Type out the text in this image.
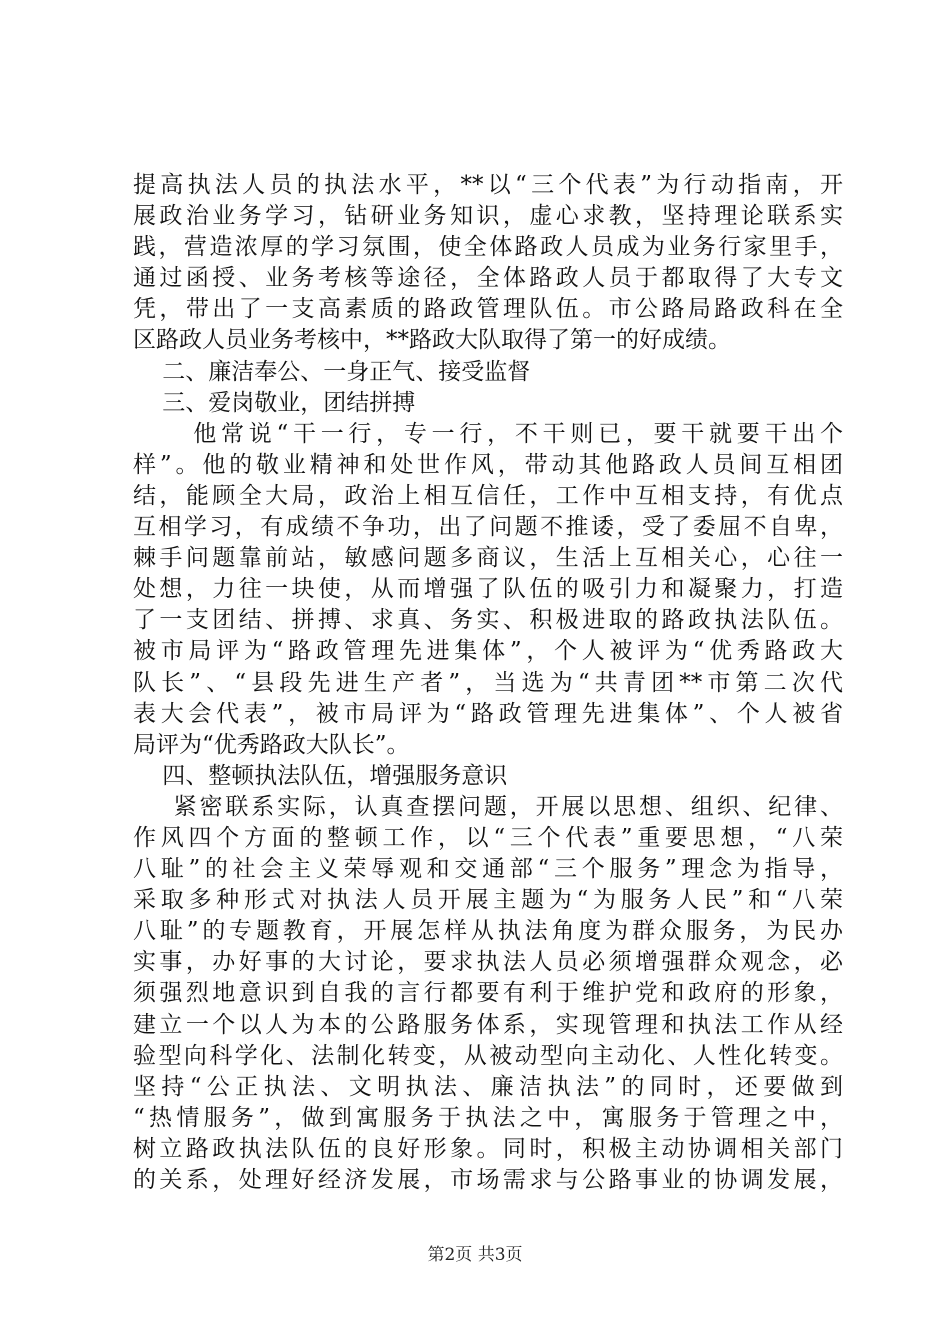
提高执法人员的执法水平，**以“三个代表”为行动指南，开
展政治业务学习，钻研业务知识，虚心求教，坚持理论联系实
践，营造浓厚的学习氛围，使全体路政人员成为业务行家里手，
通过函授、业务考核等途径，全体路政人员于都取得了大专文
凭，带出了一支高素质的路政管理队伍。市公路局路政科在全
区路政人员业务考核中，**路政大队取得了第一的好成绩。
二、廉洁奉公、一身正气、接受监督
三、爱岗敬业，团结拼搏
他常说“干一行，专一行，不干则已，要干就要干出个
样”。他的敬业精神和处世作风，带动其他路政人员间互相团
结，能顾全大局，政治上相互信任，工作中互相支持，有优点
互相学习，有成绩不争功，出了问题不推诿，受了委屈不自卑，
棘手问题靠前站，敏感问题多商议，生活上互相关心，心往一
处想，力往一块使，从而增强了队伍的吸引力和凝聚力，打造
了一支团结、拼搏、求真、务实、积极进取的路政执法队伍。
被市局评为“路政管理先进集体”，个人被评为“优秀路政大
队长”、“县段先进生产者”，当选为“共青团**市第二次代
表大会代表”，被市局评为“路政管理先进集体”、个人被省
局评为“优秀路政大队长”。
四、整顿执法队伍，增强服务意识
紧密联系实际，认真查摆问题，开展以思想、组织、纪律、
作风四个方面的整顿工作，以“三个代表”重要思想，“八荣
八耻”的社会主义荣辱观和交通部“三个服务”理念为指导，
采取多种形式对执法人员开展主题为“为服务人民”和“八荣
八耻”的专题教育，开展怎样从执法角度为群众服务，为民办
实事，办好事的大讨论，要求执法人员必须增强群众观念，必
须强烈地意识到自我的言行都要有利于维护党和政府的形象，
建立一个以人为本的公路服务体系，实现管理和执法工作从经
验型向科学化、法制化转变，从被动型向主动化、人性化转变。
坚持“公正执法、文明执法、廉洁执法”的同时，还要做到
“热情服务”，做到寓服务于执法之中，寓服务于管理之中，
树立路政执法队伍的良好形象。同时，积极主动协调相关部门
的关系，处理好经济发展，市场需求与公路事业的协调发展，
第2页 共3页
